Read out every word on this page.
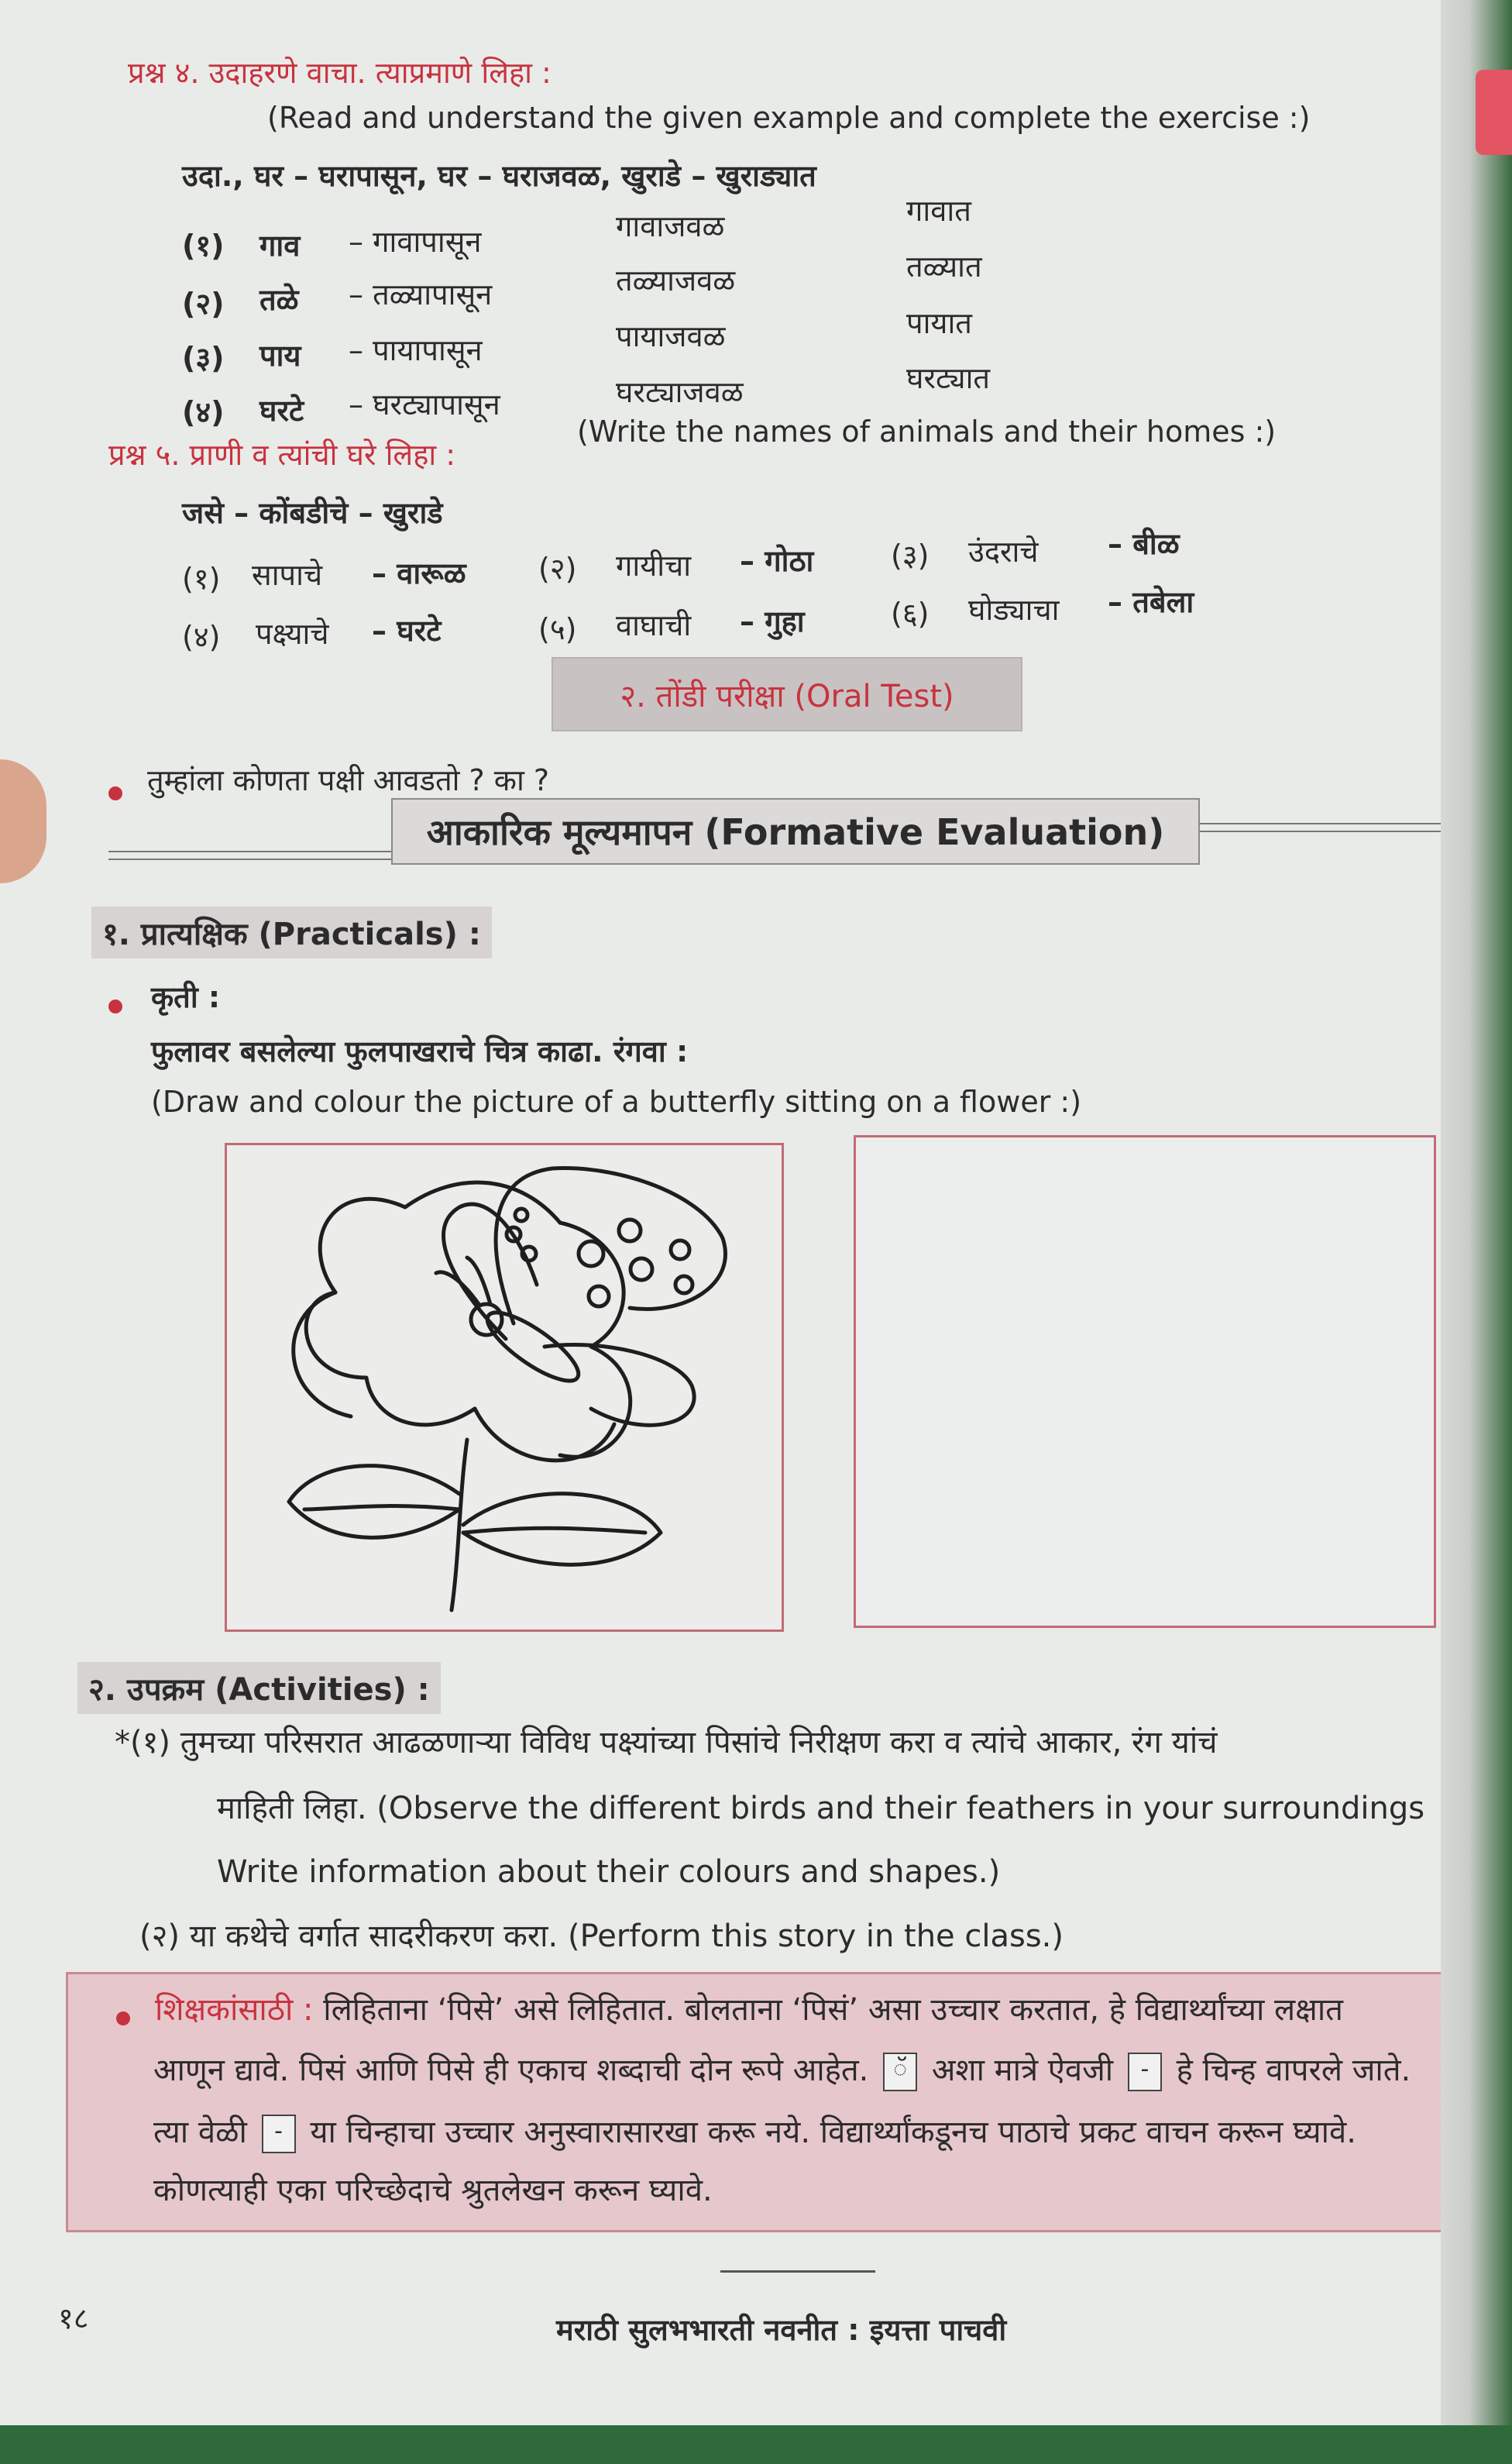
प्रश्न ४. उदाहरणे वाचा. त्याप्रमाणे लिहा :
(Read and understand the given example and complete the exercise :)
उदा., घर – घरापासून, घर – घराजवळ, खुराडे – खुराड्यात
(१) गाव – गावापासून	गावाजवळ	गावात
(२) तळे – तळ्यापासून	तळ्याजवळ	तळ्यात
(३) पाय – पायापासून	पायाजवळ	पायात
(४) घरटे – घरट्यापासून	घरट्याजवळ	घरट्यात
प्रश्न ५. प्राणी व त्यांची घरे लिहा :
(Write the names of animals and their homes :)
जसे – कोंबडीचे – खुराडे
(१) सापाचे – वारूळ (२) गायीचा – गोठा	(३) उंदराचे – बीळ
(४) पक्ष्याचे – घरटे	(५) वाघाची – गुहा	(६) घोड्याचा – तबेला
२. तोंडी परीक्षा (Oral Test)
तुम्हांला कोणता पक्षी आवडतो ? का ?
आकारिक मूल्यमापन (Formative Evaluation)
१. प्रात्यक्षिक (Practicals) :
कृती :
फुलावर बसलेल्या फुलपाखराचे चित्र काढा. रंगवा :
(Draw and colour the picture of a butterfly sitting on a flower :)
२. उपक्रम (Activities) :
*(१) तुमच्या परिसरात आढळणाऱ्या विविध पक्ष्यांच्या पिसांचे निरीक्षण करा व त्यांचे आकार, रंग यांचं
माहिती लिहा. (Observe the different birds and their feathers in your surroundings
Write information about their colours and shapes.)
(२) या कथेचे वर्गात सादरीकरण करा. (Perform this story in the class.)
शिक्षकांसाठी : लिहिताना ‘पिसे’ असे लिहितात. बोलताना ‘पिसं’ असा उच्चार करतात, हे विद्यार्थ्यांच्या लक्षात
आणून द्यावे. पिसं आणि पिसे ही एकाच शब्दाची दोन रूपे आहेत. ॅ अशा मात्रे ऐवजी - हे चिन्ह वापरले जाते.
त्या वेळी - या चिन्हाचा उच्चार अनुस्वारासारखा करू नये. विद्यार्थ्यांकडूनच पाठाचे प्रकट वाचन करून घ्यावे.
कोणत्याही एका परिच्छेदाचे श्रुतलेखन करून घ्यावे.
१८	मराठी सुलभभारती नवनीत : इयत्ता पाचवी
